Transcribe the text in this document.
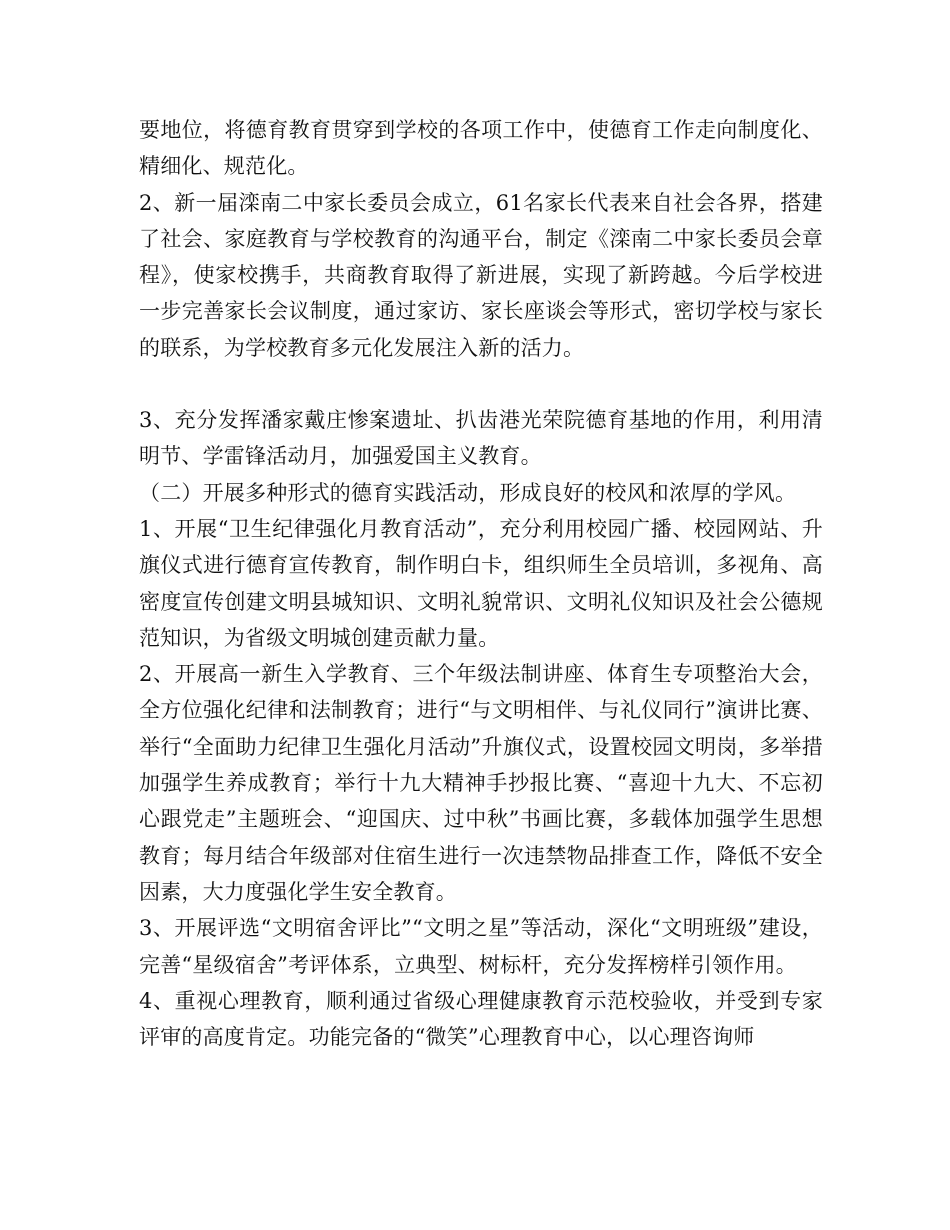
要地位，将德育教育贯穿到学校的各项工作中，使德育工作走向制度化、精细化、规范化。

2、新一届滦南二中家长委员会成立，61名家长代表来自社会各界，搭建了社会、家庭教育与学校教育的沟通平台，制定《滦南二中家长委员会章程》，使家校携手，共商教育取得了新进展，实现了新跨越。今后学校进一步完善家长会议制度，通过家访、家长座谈会等形式，密切学校与家长的联系，为学校教育多元化发展注入新的活力。

3、充分发挥潘家戴庄惨案遗址、扒齿港光荣院德育基地的作用，利用清明节、学雷锋活动月，加强爱国主义教育。

（二）开展多种形式的德育实践活动，形成良好的校风和浓厚的学风。

1、开展“卫生纪律强化月教育活动”，充分利用校园广播、校园网站、升旗仪式进行德育宣传教育，制作明白卡，组织师生全员培训，多视角、高密度宣传创建文明县城知识、文明礼貌常识、文明礼仪知识及社会公德规范知识，为省级文明城创建贡献力量。

2、开展高一新生入学教育、三个年级法制讲座、体育生专项整治大会，全方位强化纪律和法制教育；进行“与文明相伴、与礼仪同行”演讲比赛、举行“全面助力纪律卫生强化月活动”升旗仪式，设置校园文明岗，多举措加强学生养成教育；举行十九大精神手抄报比赛、“喜迎十九大、不忘初心跟党走”主题班会、“迎国庆、过中秋”书画比赛，多载体加强学生思想教育；每月结合年级部对住宿生进行一次违禁物品排查工作，降低不安全因素，大力度强化学生安全教育。

3、开展评选“文明宿舍评比”“文明之星”等活动，深化“文明班级”建设，完善“星级宿舍”考评体系，立典型、树标杆，充分发挥榜样引领作用。

4、重视心理教育，顺利通过省级心理健康教育示范校验收，并受到专家评审的高度肯定。功能完备的“微笑”心理教育中心，以心理咨询师
